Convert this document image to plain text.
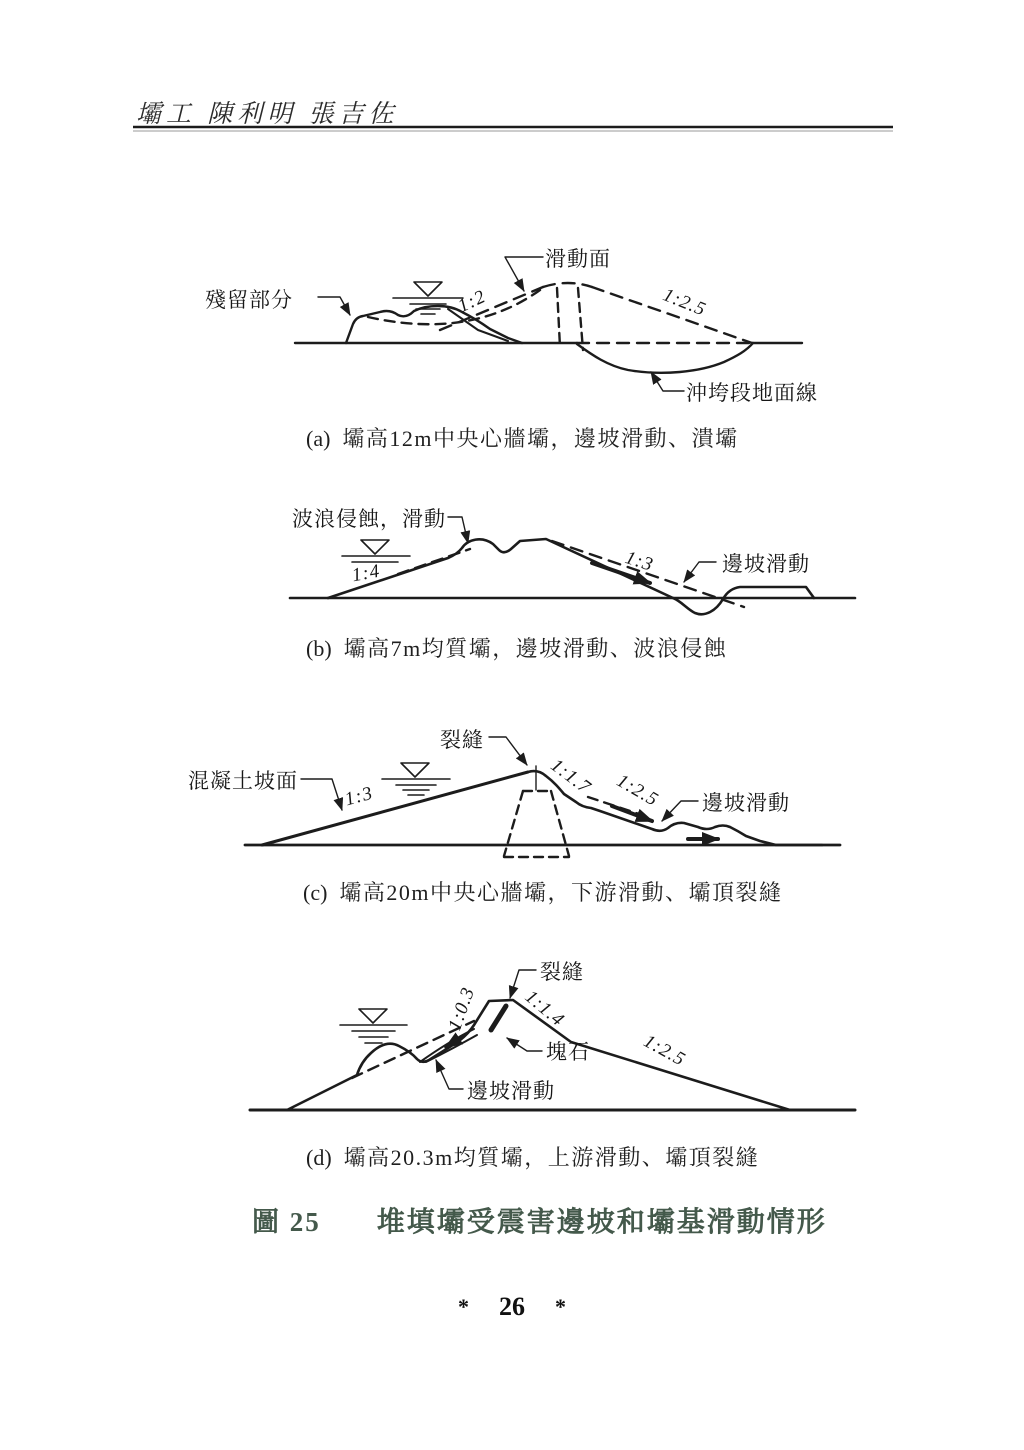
壩工 陳利明 張吉佐
滑動面
殘留部分
沖垮段地面線
1:2	1:2.5
(a) 壩高12m中央心牆壩，邊坡滑動、潰壩
波浪侵蝕，滑動
邊坡滑動
1:4	1:3
(b) 壩高7m均質壩，邊坡滑動、波浪侵蝕
裂縫
混凝土坡面
邊坡滑動
1:3	1:1.7 1:2.5
(c) 壩高20m中央心牆壩，下游滑動、壩頂裂縫
裂縫
塊石
邊坡滑動
1:0.3 1:1.4
1:2.5
(d) 壩高20.3m均質壩，上游滑動、壩頂裂縫
圖 25 堆填壩受震害邊坡和壩基滑動情形
* 26 *
